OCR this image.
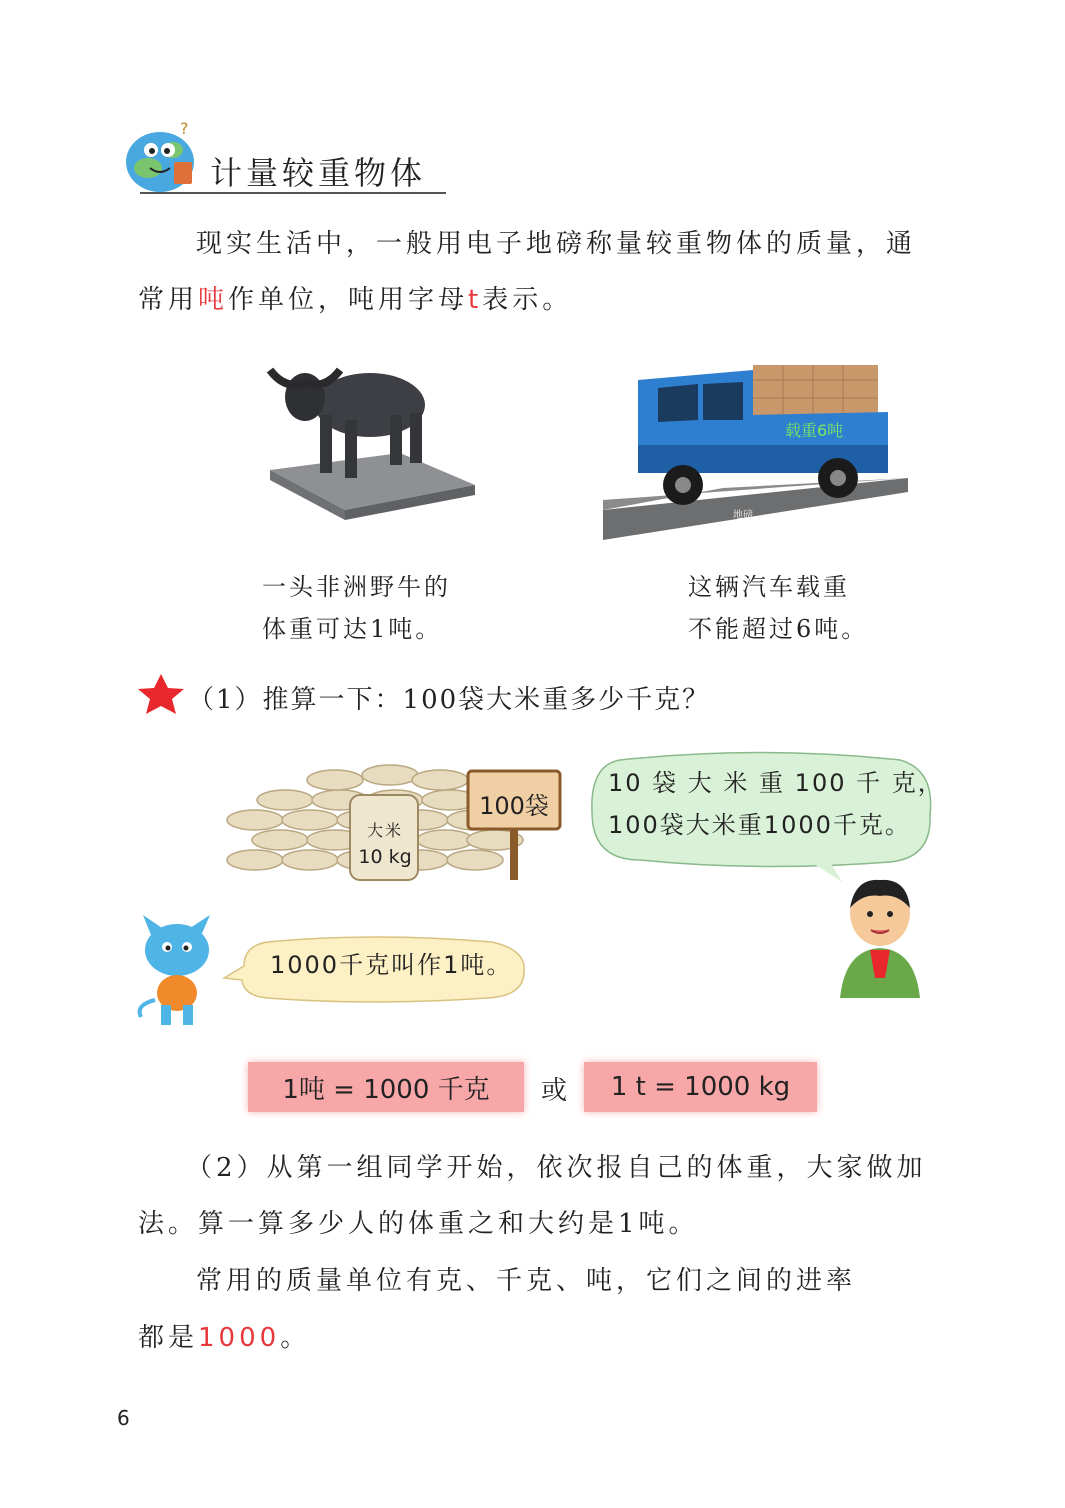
?
计量较重物体
现实生活中，一般用电子地磅称量较重物体的质量，通
常用吨作单位，吨用字母t表示。
载重6吨
地磅
一头非洲野牛的
体重可达1吨。
这辆汽车载重
不能超过6吨。
（1）推算一下：100袋大米重多少千克？
大米
10 kg
100袋
10 袋 大 米 重 100 千 克，
100袋大米重1000千克。
1000千克叫作1吨。
1吨 = 1000 千克 或 1 t = 1000 kg
（2）从第一组同学开始，依次报自己的体重，大家做加
法。算一算多少人的体重之和大约是1吨。
常用的质量单位有克、千克、吨，它们之间的进率
都是1000。
6
